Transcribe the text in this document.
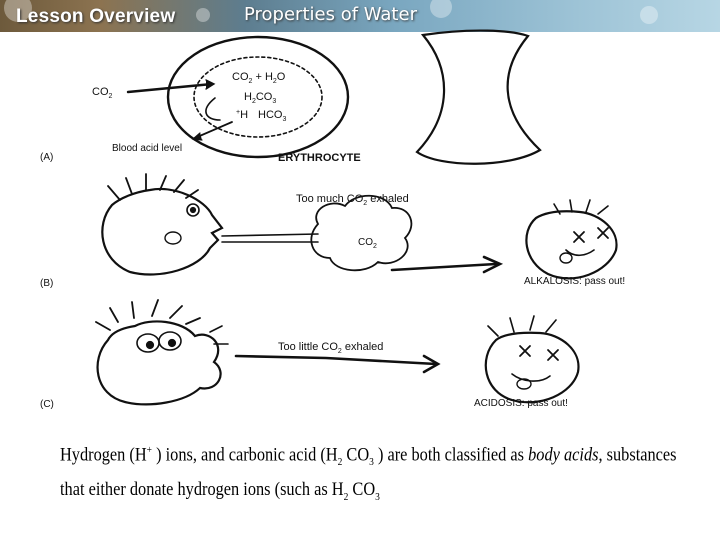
Lesson Overview	Properties of Water
(A)
$CO_2$
$CO_2 + H_2O$
$H_2CO_3$
+H $HCO_3$
Blood acid level
ERYTHROCYTE
(B)
Too much $CO_2$ exhaled
$CO_2$
ALKALOSIS: pass out!
(C)
Too little $CO_2$ exhaled
ACIDOSIS: pass out!
Hydrogen (H+ ) ions, and carbonic acid ($H_2$ $CO_3$ ) are both classified as body acids, substances
that either donate hydrogen ions (such as $H_2$ $CO_3$
